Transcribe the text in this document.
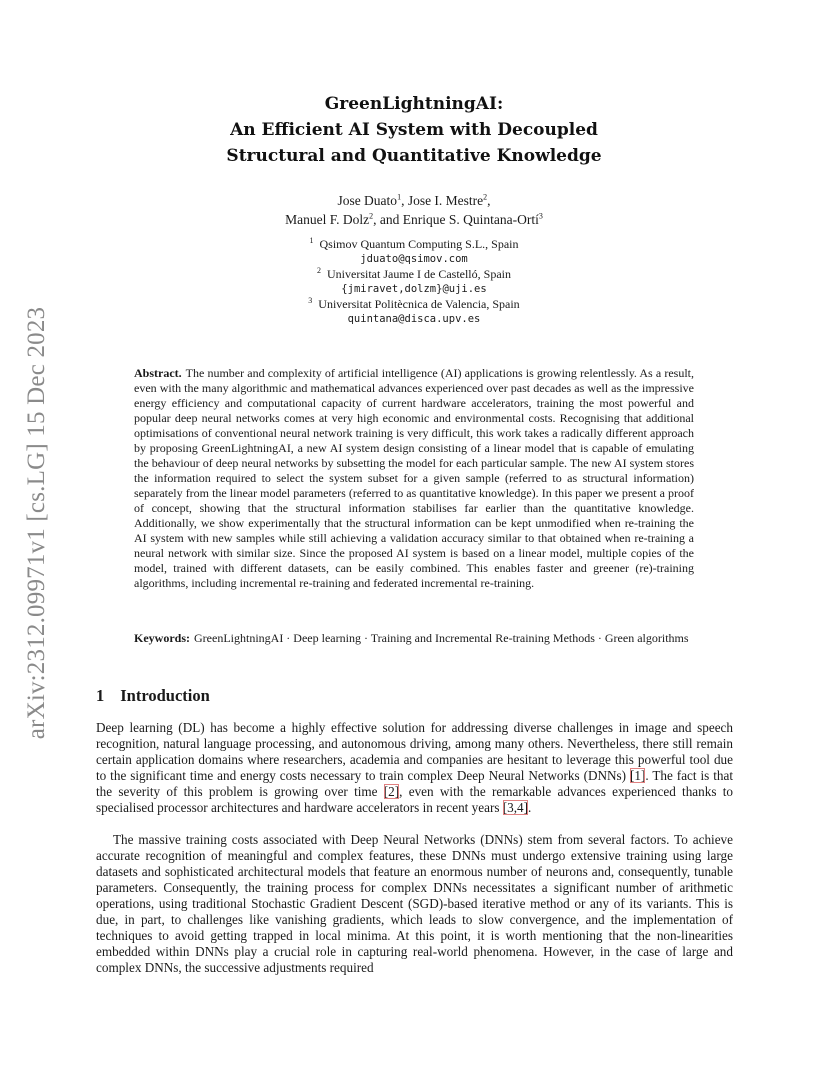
arXiv:2312.09971v1 [cs.LG] 15 Dec 2023
GreenLightningAI:
An Efficient AI System with Decoupled
Structural and Quantitative Knowledge
Jose Duato$^1$, Jose I. Mestre$^2$,
Manuel F. Dolz$^2$, and Enrique S. Quintana-Ortí$^3$
$^1$ Qsimov Quantum Computing S.L., Spain
jduato@qsimov.com
$^2$ Universitat Jaume I de Castelló, Spain
{jmiravet,dolzm}@uji.es
$^3$ Universitat Politècnica de Valencia, Spain
quintana@disca.upv.es
Abstract. The number and complexity of artificial intelligence (AI) applications is growing relentlessly. As a result, even with the many algorithmic and mathematical advances experienced over past decades as well as the impressive energy efficiency and computational capacity of current hardware accelerators, training the most powerful and popular deep neural networks comes at very high economic and environmental costs. Recognising that additional optimisations of conventional neural network training is very difficult, this work takes a radically different approach by proposing GreenLightningAI, a new AI system design consisting of a linear model that is capable of emulating the behaviour of deep neural networks by subsetting the model for each particular sample. The new AI system stores the information required to select the system subset for a given sample (referred to as structural information) separately from the linear model parameters (referred to as quantitative knowledge). In this paper we present a proof of concept, showing that the structural information stabilises far earlier than the quantitative knowledge. Additionally, we show experimentally that the structural information can be kept unmodified when re-training the AI system with new samples while still achieving a validation accuracy similar to that obtained when re-training a neural network with similar size. Since the proposed AI system is based on a linear model, multiple copies of the model, trained with different datasets, can be easily combined. This enables faster and greener (re)-training algorithms, including incremental re-training and federated incremental re-training.
Keywords: GreenLightningAI · Deep learning · Training and Incremental Re-training Methods · Green algorithms
1 Introduction
Deep learning (DL) has become a highly effective solution for addressing diverse challenges in image and speech recognition, natural language processing, and autonomous driving, among many others. Nevertheless, there still remain certain application domains where researchers, academia and companies are hesitant to leverage this powerful tool due to the significant time and energy costs necessary to train complex Deep Neural Networks (DNNs) [1]. The fact is that the severity of this problem is growing over time [2], even with the remarkable advances experienced thanks to specialised processor architectures and hardware accelerators in recent years [3,4].
The massive training costs associated with Deep Neural Networks (DNNs) stem from several factors. To achieve accurate recognition of meaningful and complex features, these DNNs must undergo extensive training using large datasets and sophisticated architectural models that feature an enormous number of neurons and, consequently, tunable parameters. Consequently, the training process for complex DNNs necessitates a significant number of arithmetic operations, using traditional Stochastic Gradient Descent (SGD)-based iterative method or any of its variants. This is due, in part, to challenges like vanishing gradients, which leads to slow convergence, and the implementation of techniques to avoid getting trapped in local minima. At this point, it is worth mentioning that the non-linearities embedded within DNNs play a crucial role in capturing real-world phenomena. However, in the case of large and complex DNNs, the successive adjustments required
